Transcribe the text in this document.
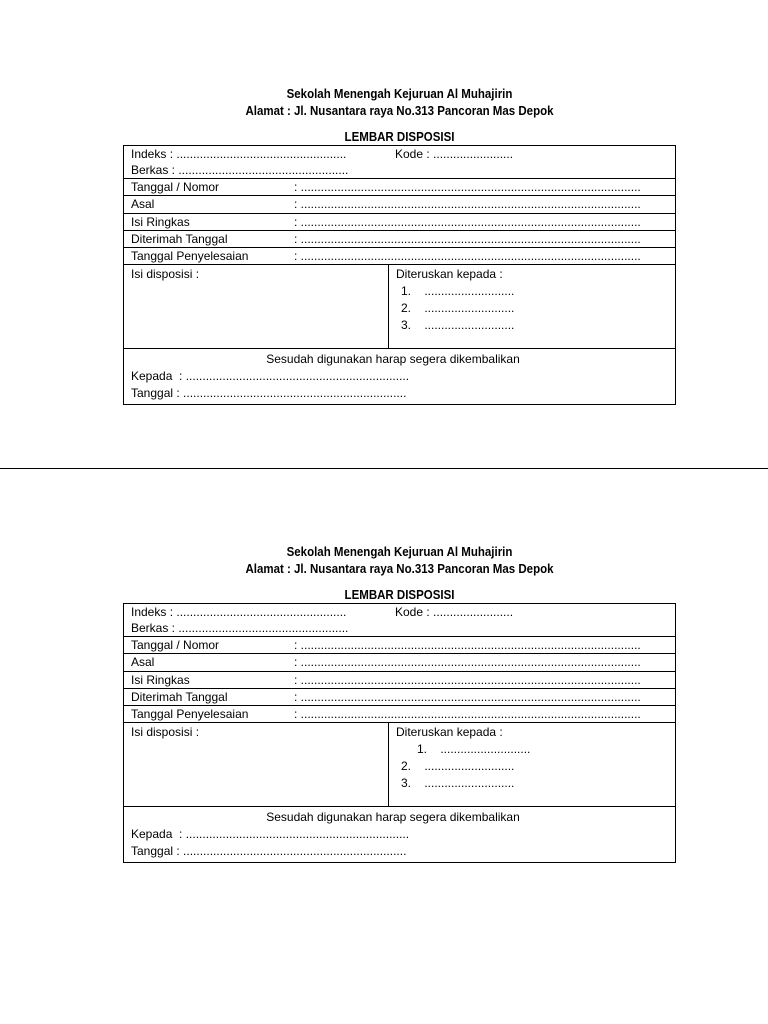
Sekolah Menengah Kejuruan Al Muhajirin
Alamat : Jl. Nusantara raya No.313 Pancoran Mas Depok
LEMBAR DISPOSISI
Indeks : ...................................................	Kode : ........................
Berkas : ...................................................
Tanggal / Nomor	: ......................................................................................................
Asal	: ......................................................................................................
Isi Ringkas	: ......................................................................................................
Diterimah Tanggal	: ......................................................................................................
Tanggal Penyelesaian	: ......................................................................................................
Isi disposisi :	Diteruskan kepada :
1.    ...........................
2.    ...........................
3.    ...........................
Sesudah digunakan harap segera dikembalikan
Kepada  : ...................................................................
Tanggal : ...................................................................
Sekolah Menengah Kejuruan Al Muhajirin
Alamat : Jl. Nusantara raya No.313 Pancoran Mas Depok
LEMBAR DISPOSISI
Indeks : ...................................................	Kode : ........................
Berkas : ...................................................
Tanggal / Nomor	: ......................................................................................................
Asal	: ......................................................................................................
Isi Ringkas	: ......................................................................................................
Diterimah Tanggal	: ......................................................................................................
Tanggal Penyelesaian	: ......................................................................................................
Isi disposisi :	Diteruskan kepada :
1.    ...........................
2.    ...........................
3.    ...........................
Sesudah digunakan harap segera dikembalikan
Kepada  : ...................................................................
Tanggal : ...................................................................
